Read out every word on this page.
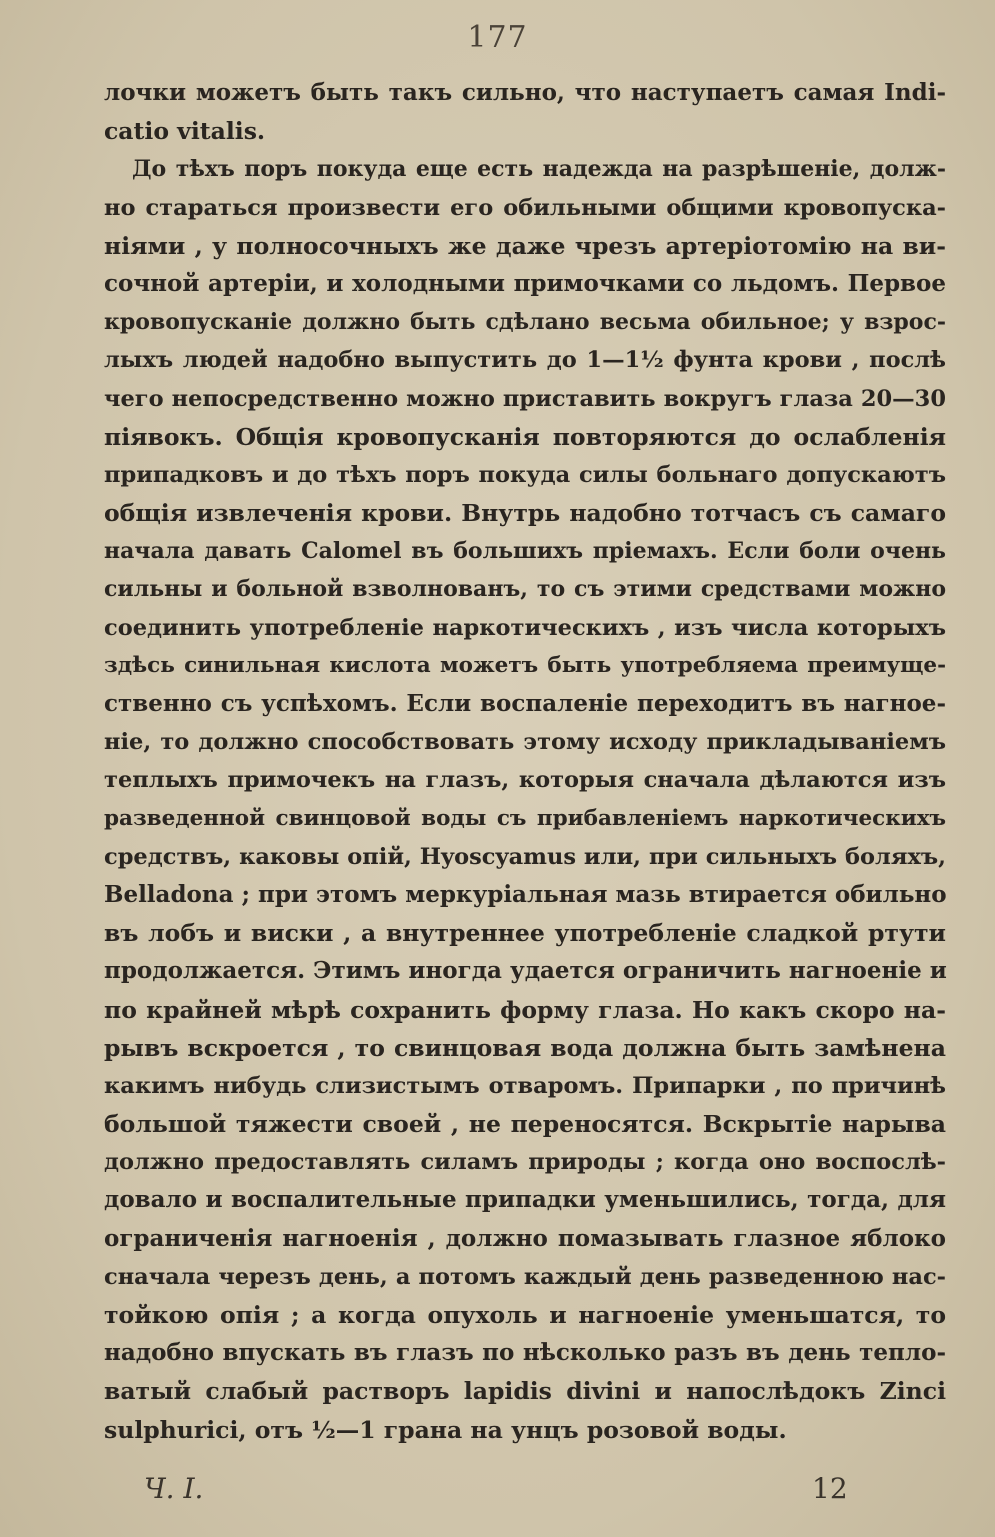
177
лочки можетъ быть такъ сильно, что наступаетъ самая Indi-
catio vitalis.
До тѣхъ поръ покуда еще есть надежда на разрѣшеніе, долж-
но стараться произвести его обильными общими кровопуска-
ніями , у полносочныхъ же даже чрезъ артеріотомію на ви-
сочной артеріи, и холодными примочками со льдомъ. Первое
кровопусканіе должно быть сдѣлано весьма обильное; у взрос-
лыхъ людей надобно выпустить до 1—1½ фунта крови , послѣ
чего непосредственно можно приставить вокругъ глаза 20—30
піявокъ. Общія кровопусканія повторяются до ослабленія
припадковъ и до тѣхъ поръ покуда силы больнаго допускаютъ
общія извлеченія крови. Внутрь надобно тотчасъ съ самаго
начала давать Calomel въ большихъ пріемахъ. Если боли очень
сильны и больной взволнованъ, то съ этими средствами можно
соединить употребленіе наркотическихъ , изъ числа которыхъ
здѣсь синильная кислота можетъ быть употребляема преимуще-
ственно съ успѣхомъ. Если воспаленіе переходитъ въ нагное-
ніе, то должно способствовать этому исходу прикладываніемъ
теплыхъ примочекъ на глазъ, которыя сначала дѣлаются изъ
разведенной свинцовой воды съ прибавленіемъ наркотическихъ
средствъ, каковы опій, Hyoscyamus или, при сильныхъ боляхъ,
Belladona ; при этомъ меркуріальная мазь втирается обильно
въ лобъ и виски , а внутреннее употребленіе сладкой ртути
продолжается. Этимъ иногда удается ограничить нагноеніе и
по крайней мѣрѣ сохранить форму глаза. Но какъ скоро на-
рывъ вскроется , то свинцовая вода должна быть замѣнена
какимъ нибудь слизистымъ отваромъ. Припарки , по причинѣ
большой тяжести своей , не переносятся. Вскрытіе нарыва
должно предоставлять силамъ природы ; когда оно воспослѣ-
довало и воспалительные припадки уменьшились, тогда, для
ограниченія нагноенія , должно помазывать глазное яблоко
сначала черезъ день, а потомъ каждый день разведенною нас-
тойкою опія ; а когда опухоль и нагноеніе уменьшатся, то
надобно впускать въ глазъ по нѣсколько разъ въ день тепло-
ватый слабый растворъ lapidis divini и напослѣдокъ Zinci
sulphurici, отъ ½—1 грана на унцъ розовой воды.
Ч. I.	12
